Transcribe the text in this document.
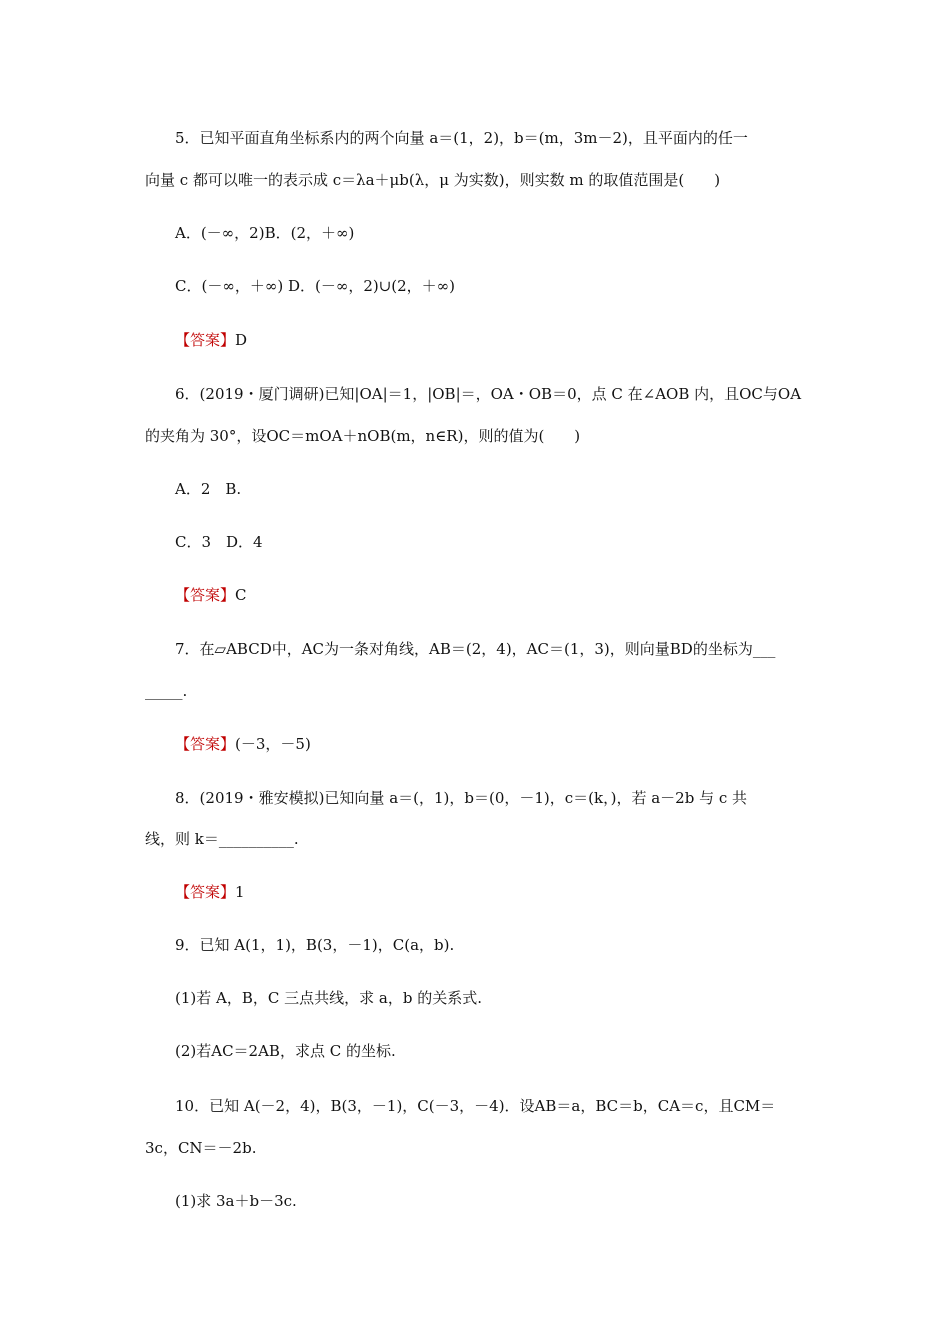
5．已知平面直角坐标系内的两个向量 a＝(1，2)，b＝(m，3m－2)，且平面内的任一
向量 c 都可以唯一的表示成 c＝λa＋μb(λ，μ 为实数)，则实数 m 的取值范围是(　　)
A．(－∞，2)B．(2，＋∞)
C．(－∞，＋∞) D．(－∞，2)∪(2，＋∞)
【答案】D
6．(2019・厦门调研)已知|OA|＝1，|OB|＝，OA・OB＝0，点 C 在∠AOB 内，且OC与OA
的夹角为 30°，设OC＝mOA＋nOB(m，n∈R)，则的值为(　　)
A．2　B.
C．3　D．4
【答案】C
7．在▱ABCD中，AC为一条对角线，AB＝(2，4)，AC＝(1，3)，则向量BD的坐标为___
_____.
【答案】(－3，－5)
8．(2019・雅安模拟)已知向量 a＝(，1)，b＝(0，－1)，c＝(k，)，若 a－2b 与 c 共
线，则 k＝__________.
【答案】1
9．已知 A(1，1)，B(3，－1)，C(a，b).
(1)若 A，B，C 三点共线，求 a，b 的关系式.
(2)若AC＝2AB，求点 C 的坐标.
10．已知 A(－2，4)，B(3，－1)，C(－3，－4)．设AB＝a，BC＝b，CA＝c，且CM＝
3c，CN＝－2b.
(1)求 3a＋b－3c.
